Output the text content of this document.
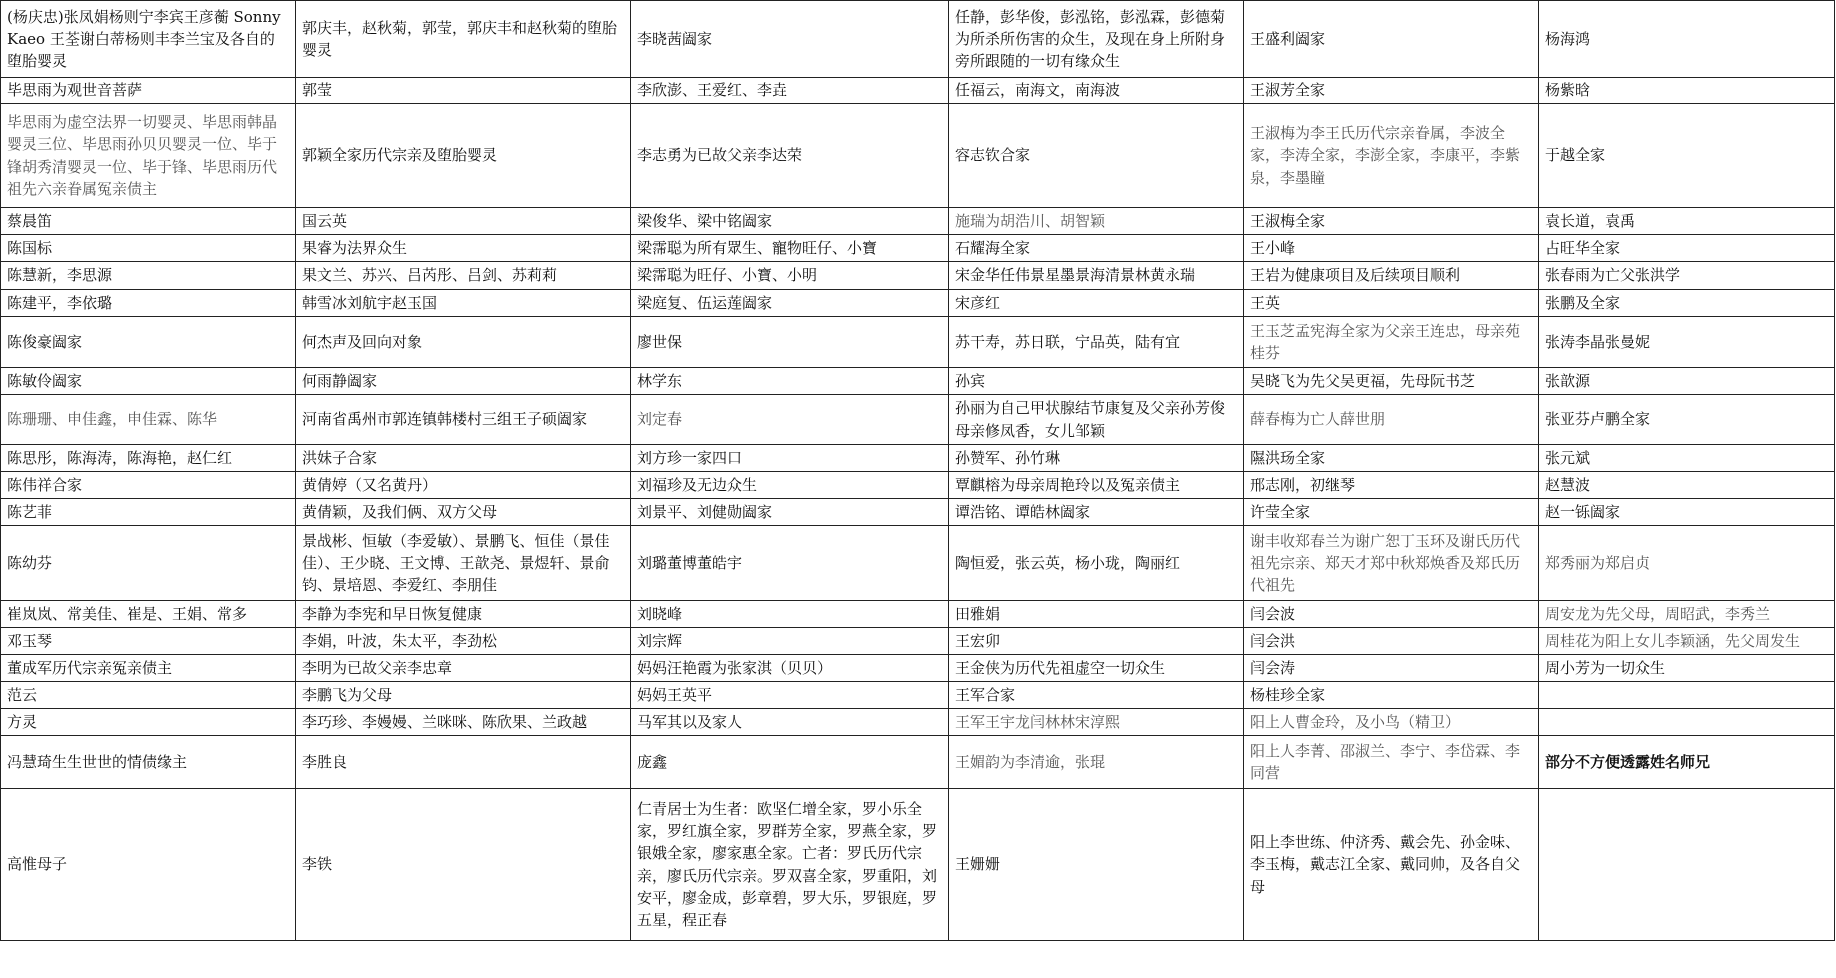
(杨庆忠)张凤娟杨则宁李宾王彦蘅 Sonny Kaeo 王荃谢白蒂杨则丰李兰宝及各自的堕胎婴灵	郭庆丰，赵秋菊，郭莹，郭庆丰和赵秋菊的堕胎婴灵	李晓茜阖家	任静，彭华俊，彭泓铭，彭泓霖，彭德菊为所杀所伤害的众生，及现在身上所附身旁所跟随的一切有缘众生	王盛利阖家	杨海鸿
毕思雨为观世音菩萨	郭莹	李欣澎、王爱红、李垚	任福云，南海文，南海波	王淑芳全家	杨紫晗
毕思雨为虚空法界一切婴灵、毕思雨韩晶婴灵三位、毕思雨孙贝贝婴灵一位、毕于锋胡秀清婴灵一位、毕于锋、毕思雨历代祖先六亲眷属冤亲债主	郭颖全家历代宗亲及堕胎婴灵	李志勇为已故父亲李达荣	容志钦合家	王淑梅为李王氏历代宗亲眷属，李波全家，李涛全家，李澎全家，李康平，李紫泉，李墨瞳	于越全家
蔡晨笛	国云英	梁俊华、梁中铭阖家	施瑞为胡浩川、胡智颖	王淑梅全家	袁长道，袁禹
陈国标	果睿为法界众生	梁霈聪为所有眾生、寵物旺仔、小寶	石耀海全家	王小峰	占旺华全家
陈慧新，李思源	果文兰、苏兴、吕芮彤、吕剑、苏莉莉	梁霈聪为旺仔、小寶、小明	宋金华任伟景星墨景海清景林黄永瑞	王岩为健康项目及后续项目顺利	张春雨为亡父张洪学
陈建平，李依璐	韩雪冰刘航宇赵玉国	梁庭复、伍运莲阖家	宋彦红	王英	张鹏及全家
陈俊豪阖家	何杰声及回向对象	廖世保	苏干寿，苏日联，宁品英，陆有宜	王玉芝孟宪海全家为父亲王连忠，母亲苑桂芬	张涛李晶张曼妮
陈敏伶阖家	何雨静阖家	林学东	孙宾	吴晓飞为先父吴更福，先母阮书芝	张歆源
陈珊珊、申佳鑫，申佳霖、陈华	河南省禹州市郭连镇韩楼村三组王子硕阖家	刘定春	孙丽为自己甲状腺结节康复及父亲孙芳俊母亲修凤香，女儿邹颖	薛春梅为亡人薛世朋	张亚芬卢鹏全家
陈思彤，陈海涛，陈海艳，赵仁红	洪妹子合家	刘方珍一家四口	孙赞军、孙竹琳	隰洪玚全家	张元斌
陈伟祥合家	黄倩婷（又名黄丹）	刘福珍及无边众生	覃麒榕为母亲周艳玲以及冤亲债主	邢志刚，初继琴	赵慧波
陈艺菲	黄倩颖，及我们俩、双方父母	刘景平、刘健勋阖家	谭浩铭、谭皓林阖家	许莹全家	赵一铄阖家
陈幼芬	景战彬、恒敏（李爱敏）、景鹏飞、恒佳（景佳佳）、王少晓、王文博、王歆尧、景煜轩、景俞钧、景培恩、李爱红、李朋佳	刘璐董博董皓宇	陶恒爱，张云英，杨小珑，陶丽红	谢丰收郑春兰为谢广恕丁玉环及谢氏历代祖先宗亲、郑天才郑中秋郑焕香及郑氏历代祖先	郑秀丽为郑启贞
崔岚岚、常美佳、崔是、王娟、常多	李静为李宪和早日恢复健康	刘晓峰	田雅娟	闫会波	周安龙为先父母，周昭武，李秀兰
邓玉琴	李娟，叶波，朱太平，李劲松	刘宗辉	王宏卯	闫会洪	周桂花为阳上女儿李颖涵，先父周发生
董成军历代宗亲冤亲债主	李明为已故父亲李忠章	妈妈汪艳霞为张家淇（贝贝）	王金侠为历代先祖虚空一切众生	闫会涛	周小芳为一切众生
范云	李鹏飞为父母	妈妈王英平	王军合家	杨桂珍全家	
方灵	李巧珍、李嫚嫚、兰咪咪、陈欣果、兰政越	马军其以及家人	王军王宇龙闫林林宋淳熙	阳上人曹金玲，及小鸟（精卫）	
冯慧琦生生世世的情债缘主	李胜良	庞鑫	王媚韵为李清逾，张琨	阳上人李菁、邵淑兰、李宁、李岱霖、李同营	部分不方便透露姓名师兄
高惟母子	李铁	仁青居士为生者：欧坚仁增全家，罗小乐全家，罗红旗全家，罗群芳全家，罗燕全家，罗银娥全家，廖家惠全家。亡者：罗氏历代宗亲，廖氏历代宗亲。罗双喜全家，罗重阳，刘安平，廖金成，彭章碧，罗大乐，罗银庭，罗五星，程正春	王姗姗	阳上李世练、仲济秀、戴会先、孙金味、李玉梅，戴志江全家、戴同帅，及各自父母	
